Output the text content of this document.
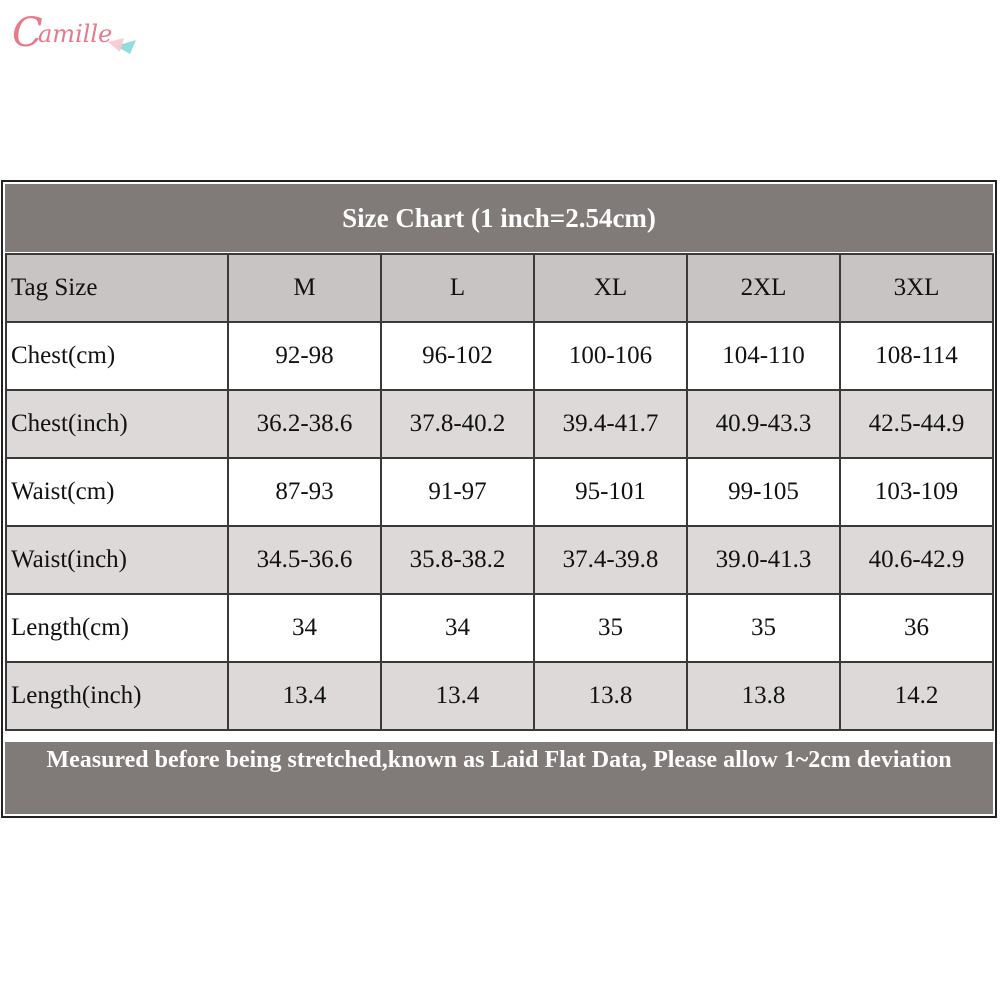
C
amille
Size Chart (1 inch=2.54cm)
Tag Size	M	L	XL	2XL	3XL
Chest(cm)	92-98	96-102	100-106	104-110	108-114
Chest(inch)	36.2-38.6	37.8-40.2	39.4-41.7	40.9-43.3	42.5-44.9
Waist(cm)	87-93	91-97	95-101	99-105	103-109
Waist(inch)	34.5-36.6	35.8-38.2	37.4-39.8	39.0-41.3	40.6-42.9
Length(cm)	34	34	35	35	36
Length(inch)	13.4	13.4	13.8	13.8	14.2
Measured before being stretched,known as Laid Flat Data, Please allow 1~2cm deviation
